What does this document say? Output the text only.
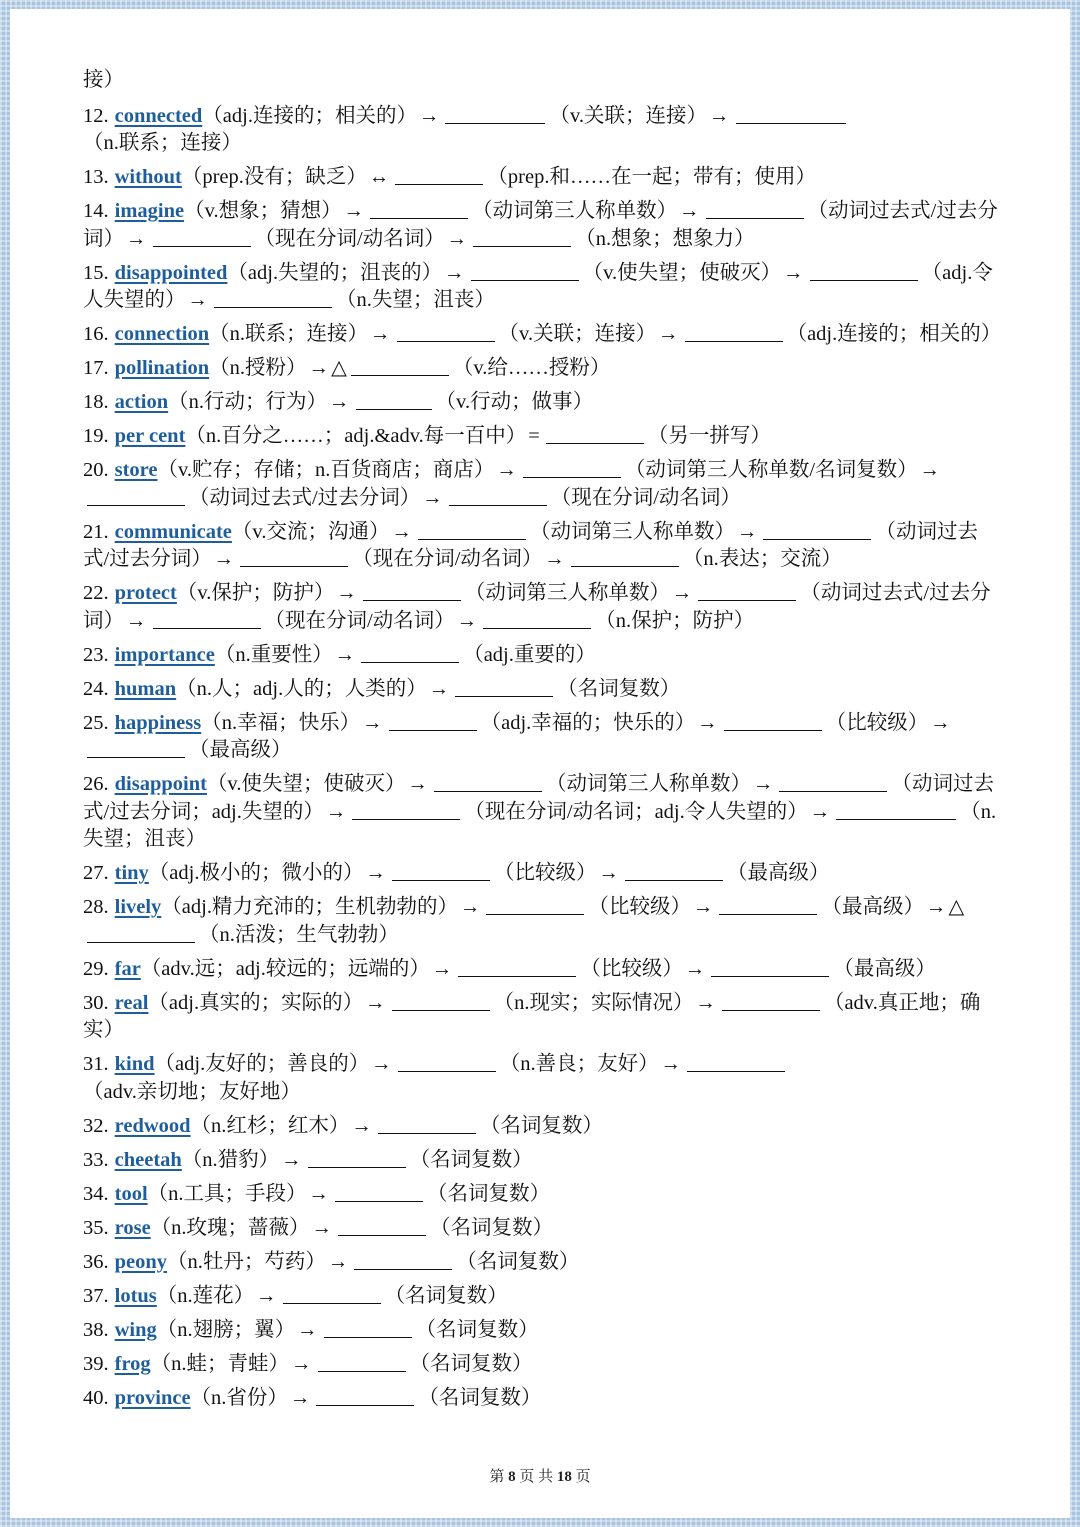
接）
12. connected（adj.连接的；相关的）→	（v.关联；连接）→（n.联系；连接）
13. without（prep.没有；缺乏）↔	（prep.和……在一起；带有；使用）
14. imagine（v.想象；猜想）→	（动词第三人称单数）→	（动词过去式/过去分词）→	（现在分词/动名词）→	（n.想象；想象力）
15. disappointed（adj.失望的；沮丧的）→	（v.使失望；使破灭）→	（adj.令人失望的）→	（n.失望；沮丧）
16. connection（n.联系；连接）→	（v.关联；连接）→	（adj.连接的；相关的）
17. pollination（n.授粉）→△	（v.给……授粉）
18. action（n.行动；行为）→	（v.行动；做事）
19. per cent（n.百分之……；adj.&adv.每一百中）=	（另一拼写）
20. store（v.贮存；存储；n.百货商店；商店）→	（动词第三人称单数/名词复数）→（动词过去式/过去分词）→	（现在分词/动名词）
21. communicate（v.交流；沟通）→	（动词第三人称单数）→	（动词过去式/过去分词）→	（现在分词/动名词）→	（n.表达；交流）
22. protect（v.保护；防护）→	（动词第三人称单数）→	（动词过去式/过去分词）→	（现在分词/动名词）→	（n.保护；防护）
23. importance（n.重要性）→	（adj.重要的）
24. human（n.人；adj.人的；人类的）→	（名词复数）
25. happiness（n.幸福；快乐）→	（adj.幸福的；快乐的）→	（比较级）→（最高级）
26. disappoint（v.使失望；使破灭）→	（动词第三人称单数）→	（动词过去式/过去分词；adj.失望的）→	（现在分词/动名词；adj.令人失望的）→	（n.失望；沮丧）
27. tiny（adj.极小的；微小的）→	（比较级）→	（最高级）
28. lively（adj.精力充沛的；生机勃勃的）→	（比较级）→	（最高级）→△（n.活泼；生气勃勃）
29. far（adv.远；adj.较远的；远端的）→	（比较级）→	（最高级）
30. real（adj.真实的；实际的）→	（n.现实；实际情况）→	（adv.真正地；确实）
31. kind（adj.友好的；善良的）→	（n.善良；友好）→（adv.亲切地；友好地）
32. redwood（n.红杉；红木）→	（名词复数）
33. cheetah（n.猎豹）→	（名词复数）
34. tool（n.工具；手段）→	（名词复数）
35. rose（n.玫瑰；蔷薇）→	（名词复数）
36. peony（n.牡丹；芍药）→	（名词复数）
37. lotus（n.莲花）→	（名词复数）
38. wing（n.翅膀；翼）→	（名词复数）
39. frog（n.蛙；青蛙）→	（名词复数）
40. province（n.省份）→	（名词复数）
第 8 页 共 18 页
